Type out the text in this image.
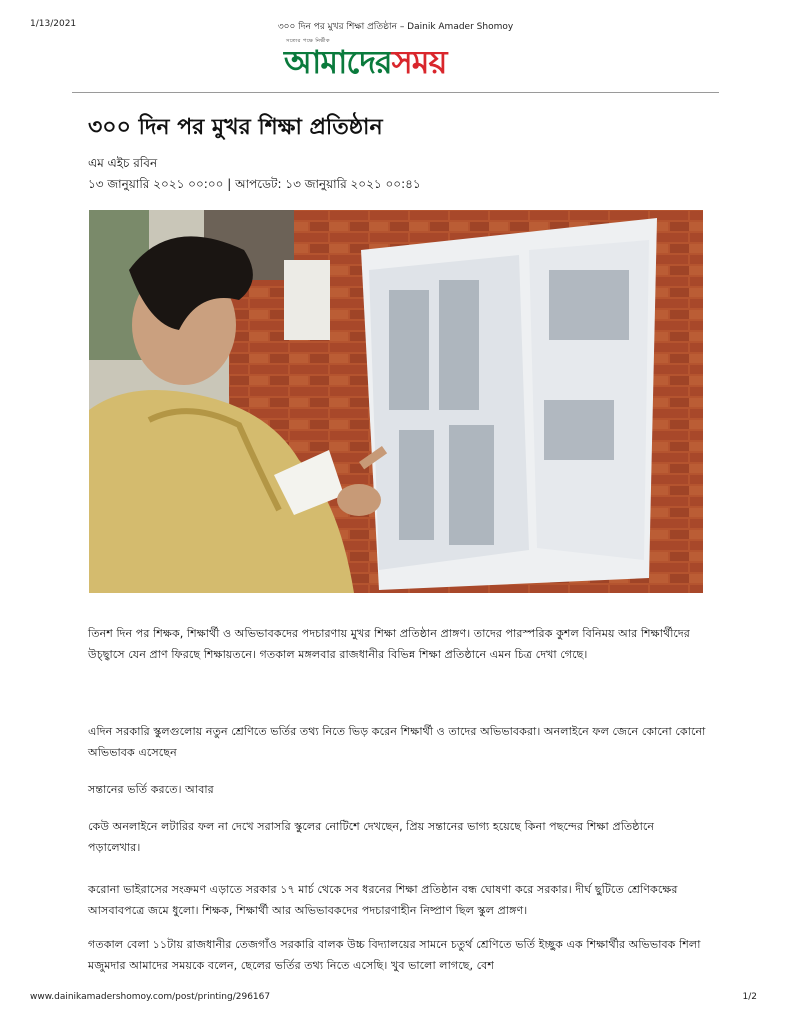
1/13/2021	৩০০ দিন পর মুখর শিক্ষা প্রতিষ্ঠান – Dainik Amader Shomoy
সত্যের পক্ষে নির্ভীক
আমাদেরসময়
৩০০ দিন পর মুখর শিক্ষা প্রতিষ্ঠান
এম এইচ রবিন
১৩ জানুয়ারি ২০২১ ০০:০০ | আপডেট: ১৩ জানুয়ারি ২০২১ ০০:৪১

তিনশ দিন পর শিক্ষক, শিক্ষার্থী ও অভিভাবকদের পদচারণায় মুখর শিক্ষা প্রতিষ্ঠান প্রাঙ্গণ। তাদের পারস্পরিক কুশল বিনিময় আর শিক্ষার্থীদের উচ্ছ্বাসে যেন প্রাণ ফিরছে শিক্ষায়তনে। গতকাল মঙ্গলবার রাজধানীর বিভিন্ন শিক্ষা প্রতিষ্ঠানে এমন চিত্র দেখা গেছে।

এদিন সরকারি স্কুলগুলোয় নতুন শ্রেণিতে ভর্তির তথ্য নিতে ভিড় করেন শিক্ষার্থী ও তাদের অভিভাবকরা। অনলাইনে ফল জেনে কোনো কোনো অভিভাবক এসেছেন

সন্তানের ভর্তি করতে। আবার

কেউ অনলাইনে লটারির ফল না দেখে সরাসরি স্কুলের নোটিশে দেখছেন, প্রিয় সন্তানের ভাগ্য হয়েছে কিনা পছন্দের শিক্ষা প্রতিষ্ঠানে পড়ালেখার।

করোনা ভাইরাসের সংক্রমণ এড়াতে সরকার ১৭ মার্চ থেকে সব ধরনের শিক্ষা প্রতিষ্ঠান বন্ধ ঘোষণা করে সরকার। দীর্ঘ ছুটিতে শ্রেণিকক্ষের আসবাবপত্রে জমে ধুলো। শিক্ষক, শিক্ষার্থী আর অভিভাবকদের পদচারণাহীন নিষ্প্রাণ ছিল স্কুল প্রাঙ্গণ।

গতকাল বেলা ১১টায় রাজধানীর তেজগাঁও সরকারি বালক উচ্চ বিদ্যালয়ের সামনে চতুর্থ শ্রেণিতে ভর্তি ইচ্ছুক এক শিক্ষার্থীর অভিভাবক শিলা মজুমদার আমাদের সময়কে বলেন, ছেলের ভর্তির তথ্য নিতে এসেছি। খুব ভালো লাগছে, বেশ

www.dainikamadershomoy.com/post/printing/296167	1/2
